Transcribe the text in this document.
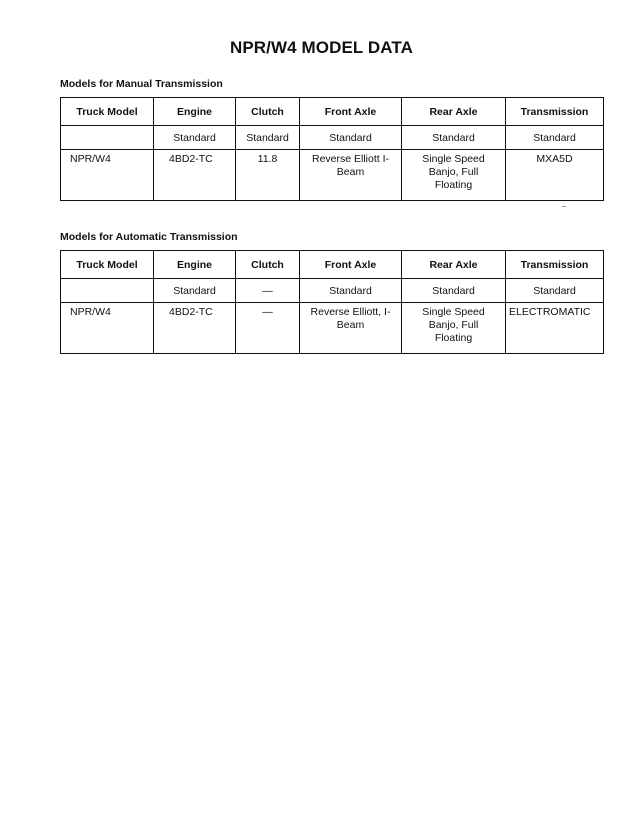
NPR/W4 MODEL DATA
Models for Manual Transmission
Truck Model	Engine	Clutch	Front Axle	Rear Axle	Transmission
	Standard	Standard	Standard	Standard	Standard
NPR/W4	4BD2-TC	11.8	Reverse Elliott I-Beam	Single Speed Banjo, Full Floating	MXA5D
Models for Automatic Transmission
Truck Model	Engine	Clutch	Front Axle	Rear Axle	Transmission
	Standard	—	Standard	Standard	Standard
NPR/W4	4BD2-TC	—	Reverse Elliott, I-Beam	Single Speed Banjo, Full Floating	ELECTROMATIC
